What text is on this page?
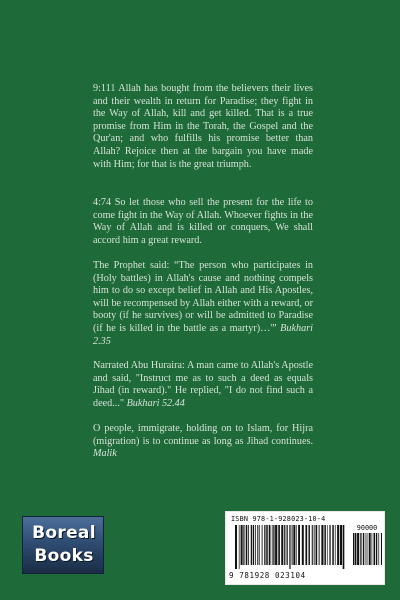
9:111 Allah has bought from the believers their lives and their wealth in return for Paradise; they fight in the Way of Allah, kill and get killed. That is a true promise from Him in the Torah, the Gospel and the Qur'an; and who fulfills his promise better than Allah? Rejoice then at the bargain you have made with Him; for that is the great triumph.

4:74 So let those who sell the present for the life to come fight in the Way of Allah. Whoever fights in the Way of Allah and is killed or conquers, We shall accord him a great reward.

The Prophet said: “The person who participates in (Holy battles) in Allah's cause and nothing compels him to do so except belief in Allah and His Apostles, will be recompensed by Allah either with a reward, or booty (if he survives) or will be admitted to Paradise (if he is killed in the battle as a martyr)…'” Bukhari 2.35

Narrated Abu Huraira: A man came to Allah's Apostle and said, "Instruct me as to such a deed as equals Jihad (in reward)." He replied, "I do not find such a deed..." Bukhari 52.44

O people, immigrate, holding on to Islam, for Hijra (migration) is to continue as long as Jihad continues. Malik

Boreal
Books
ISBN 978-1-928023-10-4
90000
9 781928 023104
